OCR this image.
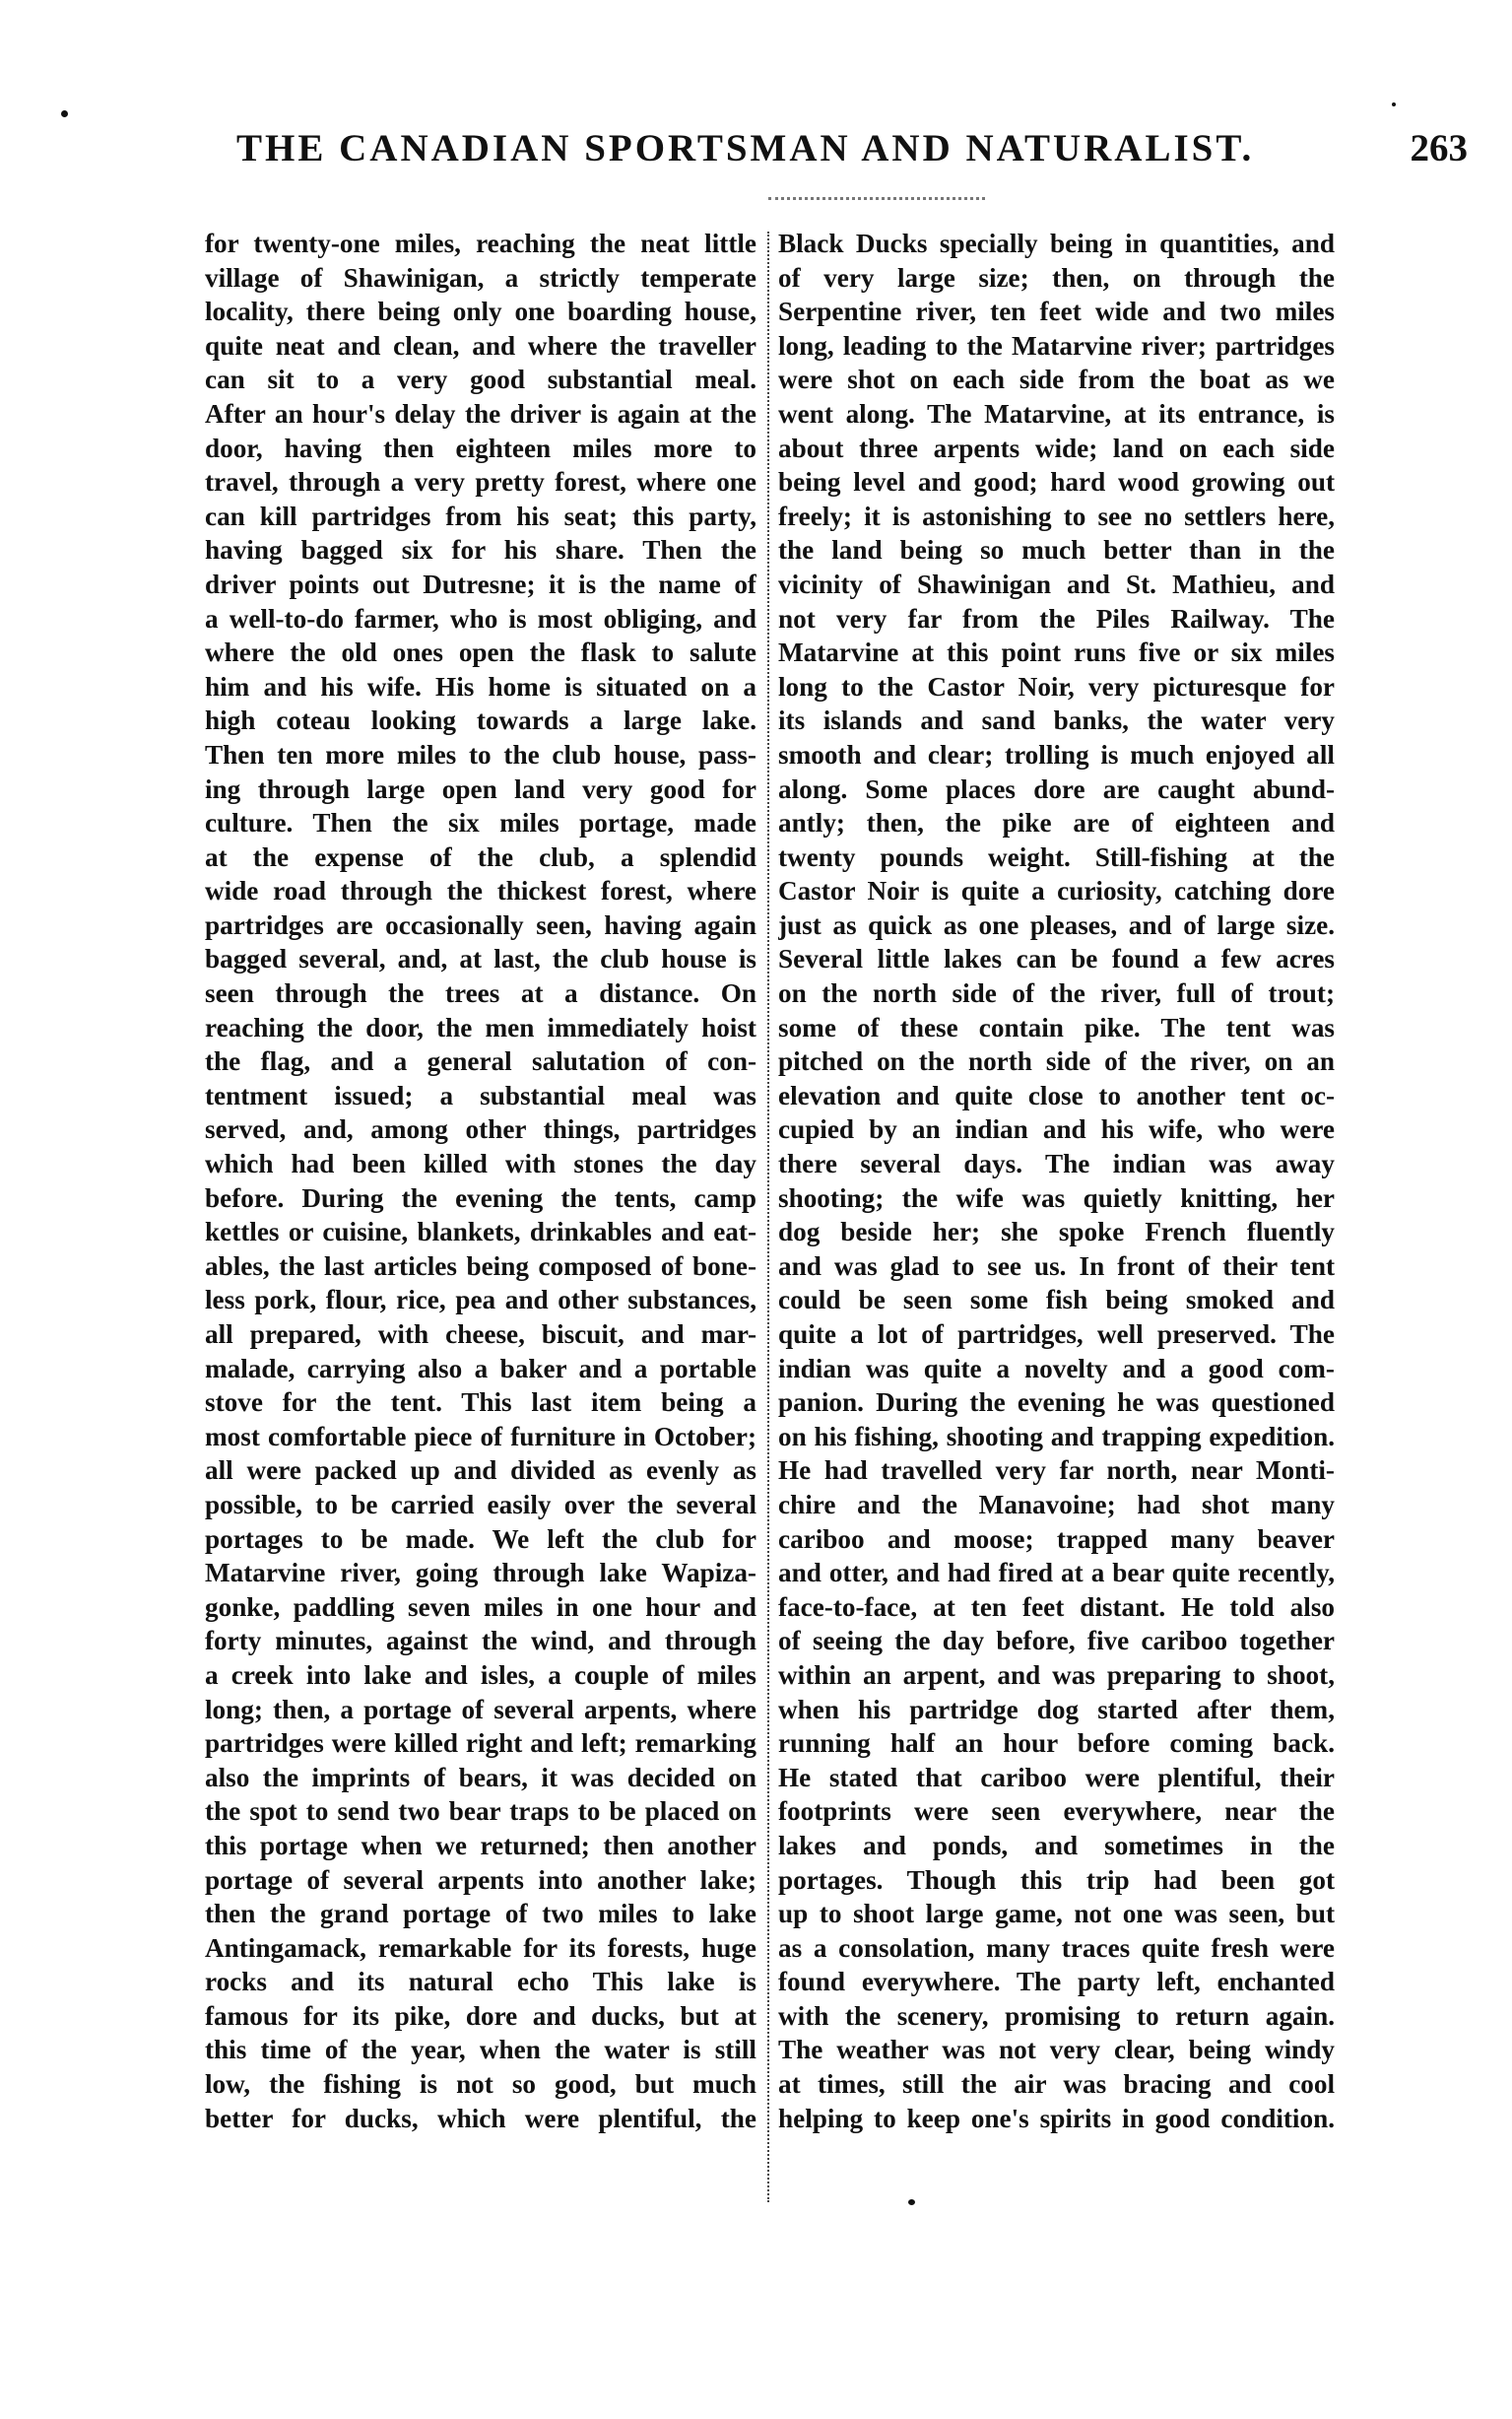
THE CANADIAN SPORTSMAN AND NATURALIST.	263
for twenty-one miles, reaching the neat little
village of Shawinigan, a strictly temperate
locality, there being only one boarding house,
quite neat and clean, and where the traveller
can sit to a very good substantial meal.
After an hour's delay the driver is again at the
door, having then eighteen miles more to
travel, through a very pretty forest, where one
can kill partridges from his seat; this party,
having bagged six for his share. Then the
driver points out Dutresne; it is the name of
a well-to-do farmer, who is most obliging, and
where the old ones open the flask to salute
him and his wife. His home is situated on a
high coteau looking towards a large lake.
Then ten more miles to the club house, pass-
ing through large open land very good for
culture. Then the six miles portage, made
at the expense of the club, a splendid
wide road through the thickest forest, where
partridges are occasionally seen, having again
bagged several, and, at last, the club house is
seen through the trees at a distance. On
reaching the door, the men immediately hoist
the flag, and a general salutation of con-
tentment issued; a substantial meal was
served, and, among other things, partridges
which had been killed with stones the day
before. During the evening the tents, camp
kettles or cuisine, blankets, drinkables and eat-
ables, the last articles being composed of bone-
less pork, flour, rice, pea and other substances,
all prepared, with cheese, biscuit, and mar-
malade, carrying also a baker and a portable
stove for the tent. This last item being a
most comfortable piece of furniture in October;
all were packed up and divided as evenly as
possible, to be carried easily over the several
portages to be made. We left the club for
Matarvine river, going through lake Wapiza-
gonke, paddling seven miles in one hour and
forty minutes, against the wind, and through
a creek into lake and isles, a couple of miles
long; then, a portage of several arpents, where
partridges were killed right and left; remarking
also the imprints of bears, it was decided on
the spot to send two bear traps to be placed on
this portage when we returned; then another
portage of several arpents into another lake;
then the grand portage of two miles to lake
Antingamack, remarkable for its forests, huge
rocks and its natural echo This lake is
famous for its pike, dore and ducks, but at
this time of the year, when the water is still
low, the fishing is not so good, but much
better for ducks, which were plentiful, the
Black Ducks specially being in quantities, and
of very large size; then, on through the
Serpentine river, ten feet wide and two miles
long, leading to the Matarvine river; partridges
were shot on each side from the boat as we
went along. The Matarvine, at its entrance, is
about three arpents wide; land on each side
being level and good; hard wood growing out
freely; it is astonishing to see no settlers here,
the land being so much better than in the
vicinity of Shawinigan and St. Mathieu, and
not very far from the Piles Railway. The
Matarvine at this point runs five or six miles
long to the Castor Noir, very picturesque for
its islands and sand banks, the water very
smooth and clear; trolling is much enjoyed all
along. Some places dore are caught abund-
antly; then, the pike are of eighteen and
twenty pounds weight. Still-fishing at the
Castor Noir is quite a curiosity, catching dore
just as quick as one pleases, and of large size.
Several little lakes can be found a few acres
on the north side of the river, full of trout;
some of these contain pike. The tent was
pitched on the north side of the river, on an
elevation and quite close to another tent oc-
cupied by an indian and his wife, who were
there several days. The indian was away
shooting; the wife was quietly knitting, her
dog beside her; she spoke French fluently
and was glad to see us. In front of their tent
could be seen some fish being smoked and
quite a lot of partridges, well preserved. The
indian was quite a novelty and a good com-
panion. During the evening he was questioned
on his fishing, shooting and trapping expedition.
He had travelled very far north, near Monti-
chire and the Manavoine; had shot many
cariboo and moose; trapped many beaver
and otter, and had fired at a bear quite recently,
face-to-face, at ten feet distant. He told also
of seeing the day before, five cariboo together
within an arpent, and was preparing to shoot,
when his partridge dog started after them,
running half an hour before coming back.
He stated that cariboo were plentiful, their
footprints were seen everywhere, near the
lakes and ponds, and sometimes in the
portages. Though this trip had been got
up to shoot large game, not one was seen, but
as a consolation, many traces quite fresh were
found everywhere. The party left, enchanted
with the scenery, promising to return again.
The weather was not very clear, being windy
at times, still the air was bracing and cool
helping to keep one's spirits in good condition.
